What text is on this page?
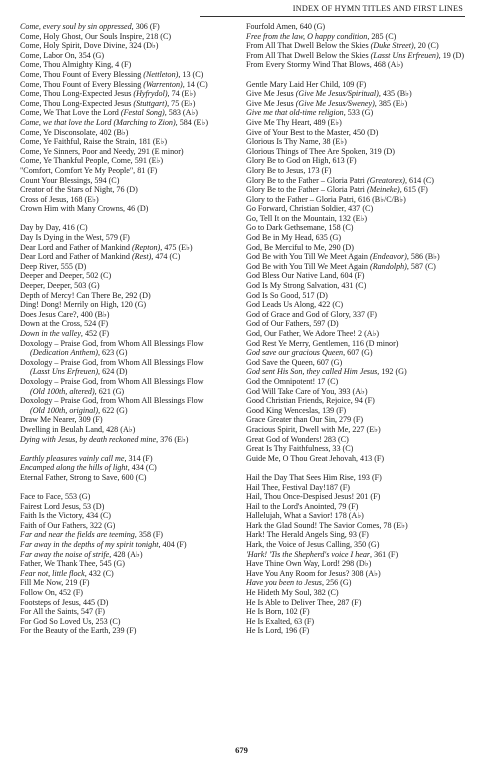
INDEX OF HYMN TITLES AND FIRST LINES

Come, every soul by sin oppressed, 306 (F)

Come, Holy Ghost, Our Souls Inspire, 218 (C)

Come, Holy Spirit, Dove Divine, 324 (D♭)

Come, Labor On, 354 (G)

Come, Thou Almighty King, 4 (F)

Come, Thou Fount of Every Blessing (Nettleton), 13 (C)

Come, Thou Fount of Every Blessing (Warrenton), 14 (C)

Come, Thou Long-Expected Jesus (Hyfrydol), 74 (E♭)

Come, Thou Long-Expected Jesus (Stuttgart), 75 (E♭)

Come, We That Love the Lord (Festal Song), 583 (A♭)

Come, we that love the Lord (Marching to Zion), 584 (E♭)

Come, Ye Disconsolate, 402 (B♭)

Come, Ye Faithful, Raise the Strain, 181 (E♭)

Come, Ye Sinners, Poor and Needy, 291 (E minor)

Come, Ye Thankful People, Come, 591 (E♭)

"Comfort, Comfort Ye My People", 81 (F)

Count Your Blessings, 594 (C)

Creator of the Stars of Night, 76 (D)

Cross of Jesus, 168 (E♭)

Crown Him with Many Crowns, 46 (D)

Day by Day, 416 (C)

Day Is Dying in the West, 579 (F)

Dear Lord and Father of Mankind (Repton), 475 (E♭)

Dear Lord and Father of Mankind (Rest), 474 (C)

Deep River, 555 (D)

Deeper and Deeper, 502 (C)

Deeper, Deeper, 503 (G)

Depth of Mercy! Can There Be, 292 (D)

Ding! Dong! Merrily on High, 120 (G)

Does Jesus Care?, 400 (B♭)

Down at the Cross, 524 (F)

Down in the valley, 452 (F)

Doxology – Praise God, from Whom All Blessings Flow

(Dedication Anthem), 623 (G)

Doxology – Praise God, from Whom All Blessings Flow

(Lasst Uns Erfreuen), 624 (D)

Doxology – Praise God, from Whom All Blessings Flow

(Old 100th, altered), 621 (G)

Doxology – Praise God, from Whom All Blessings Flow

(Old 100th, original), 622 (G)

Draw Me Nearer, 309 (F)

Dwelling in Beulah Land, 428 (A♭)

Dying with Jesus, by death reckoned mine, 376 (E♭)

Earthly pleasures vainly call me, 314 (F)

Encamped along the hills of light, 434 (C)

Eternal Father, Strong to Save, 600 (C)

Face to Face, 553 (G)

Fairest Lord Jesus, 53 (D)

Faith Is the Victory, 434 (C)

Faith of Our Fathers, 322 (G)

Far and near the fields are teeming, 358 (F)

Far away in the depths of my spirit tonight, 404 (F)

Far away the noise of strife, 428 (A♭)

Father, We Thank Thee, 545 (G)

Fear not, little flock, 432 (C)

Fill Me Now, 219 (F)

Follow On, 452 (F)

Footsteps of Jesus, 445 (D)

For All the Saints, 547 (F)

For God So Loved Us, 253 (C)

For the Beauty of the Earth, 239 (F)

Fourfold Amen, 640 (G)

Free from the law, O happy condition, 285 (C)

From All That Dwell Below the Skies (Duke Street), 20 (C)

From All That Dwell Below the Skies (Lasst Uns Erfreuen), 19 (D)

From Every Stormy Wind That Blows, 468 (A♭)

Gentle Mary Laid Her Child, 109 (F)

Give Me Jesus (Give Me Jesus/Spiritual), 435 (B♭)

Give Me Jesus (Give Me Jesus/Sweney), 385 (E♭)

Give me that old-time religion, 533 (G)

Give Me Thy Heart, 489 (E♭)

Give of Your Best to the Master, 450 (D)

Glorious Is Thy Name, 38 (E♭)

Glorious Things of Thee Are Spoken, 319 (D)

Glory Be to God on High, 613 (F)

Glory Be to Jesus, 173 (F)

Glory Be to the Father – Gloria Patri (Greatorex), 614 (C)

Glory Be to the Father – Gloria Patri (Meineke), 615 (F)

Glory to the Father – Gloria Patri, 616 (B♭/C/B♭)

Go Forward, Christian Soldier, 437 (C)

Go, Tell It on the Mountain, 132 (E♭)

Go to Dark Gethsemane, 158 (C)

God Be in My Head, 635 (G)

God, Be Merciful to Me, 290 (D)

God Be with You Till We Meet Again (Endeavor), 586 (B♭)

God Be with You Till We Meet Again (Randolph), 587 (C)

God Bless Our Native Land, 604 (F)

God Is My Strong Salvation, 431 (C)

God Is So Good, 517 (D)

God Leads Us Along, 422 (C)

God of Grace and God of Glory, 337 (F)

God of Our Fathers, 597 (D)

God, Our Father, We Adore Thee! 2 (A♭)

God Rest Ye Merry, Gentlemen, 116 (D minor)

God save our gracious Queen, 607 (G)

God Save the Queen, 607 (G)

God sent His Son, they called Him Jesus, 192 (G)

God the Omnipotent! 17 (C)

God Will Take Care of You, 393 (A♭)

Good Christian Friends, Rejoice, 94 (F)

Good King Wenceslas, 139 (F)

Grace Greater than Our Sin, 279 (F)

Gracious Spirit, Dwell with Me, 227 (E♭)

Great God of Wonders! 283 (C)

Great Is Thy Faithfulness, 33 (C)

Guide Me, O Thou Great Jehovah, 413 (F)

Hail the Day That Sees Him Rise, 193 (F)

Hail Thee, Festival Day!187 (F)

Hail, Thou Once-Despised Jesus! 201 (F)

Hail to the Lord's Anointed, 79 (F)

Hallelujah, What a Savior! 178 (A♭)

Hark the Glad Sound! The Savior Comes, 78 (E♭)

Hark! The Herald Angels Sing, 93 (F)

Hark, the Voice of Jesus Calling, 350 (G)

'Hark! 'Tis the Shepherd's voice I hear, 361 (F)

Have Thine Own Way, Lord! 298 (D♭)

Have You Any Room for Jesus? 308 (A♭)

Have you been to Jesus, 256 (G)

He Hideth My Soul, 382 (C)

He Is Able to Deliver Thee, 287 (F)

He Is Born, 102 (F)

He Is Exalted, 63 (F)

He Is Lord, 196 (F)

679
